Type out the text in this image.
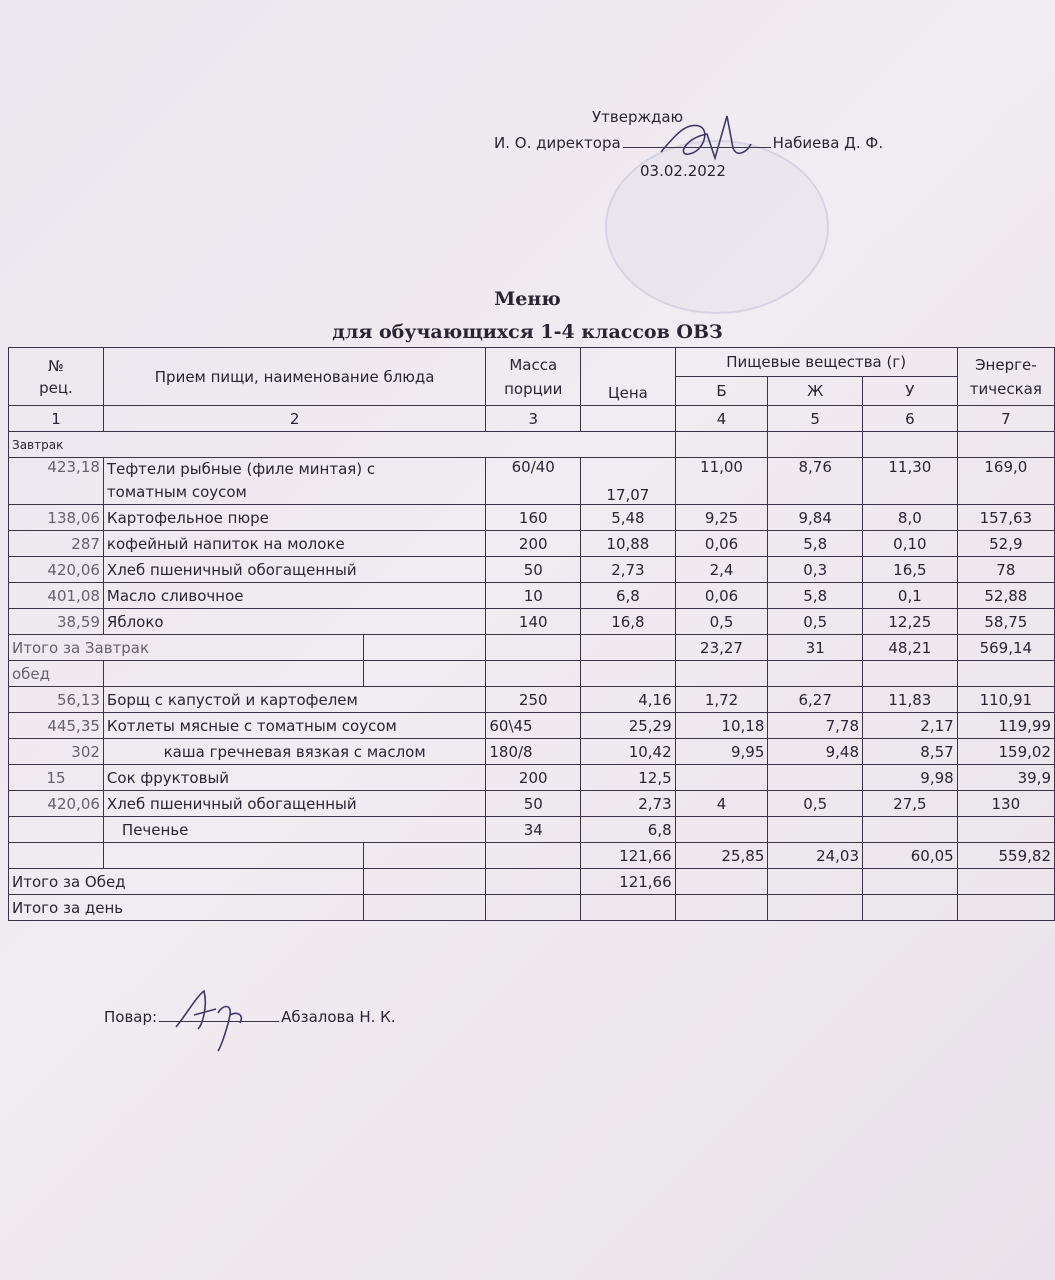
Утверждаю
И. О. директора	Набиева Д. Ф.
03.02.2022
Меню
для обучающихся 1-4 классов ОВЗ
№
рец.	Прием пищи, наименование блюда		Масса
порции	Цена	Пищевые вещества (г)			Энерге-
тическая
					Б	Ж	У	
1	2		3		4	5	6	7
Завтрак								
423,18	Тефтели рыбные (филе минтая) с
томатным соусом		60/40	17,07	11,00	8,76	11,30	169,0
138,06	Картофельное пюре		160	5,48	9,25	9,84	8,0	157,63
287	кофейный напиток на молоке		200	10,88	0,06	5,8	0,10	52,9
420,06	Хлеб пшеничный обогащенный		50	2,73	2,4	0,3	16,5	78
401,08	Масло сливочное		10	6,8	0,06	5,8	0,1	52,88
38,59	Яблоко		140	16,8	0,5	0,5	12,25	58,75
Итого за Завтрак					23,27	31	48,21	569,14
обед								
56,13	Борщ с капустой и картофелем		250	4,16	1,72	6,27	11,83	110,91
445,35	Котлеты мясные с томатным соусом		60\45	25,29	10,18	7,78	2,17	119,99
302	каша гречневая вязкая с маслом		180/8	10,42	9,95	9,48	8,57	159,02
15	Сок фруктовый		200	12,5			9,98	39,9
420,06	Хлеб пшеничный обогащенный		50	2,73	4	0,5	27,5	130
	Печенье		34	6,8				
				121,66	25,85	24,03	60,05	559,82
Итого за Обед				121,66				
Итого за день								
Повар:	Абзалова Н. К.
